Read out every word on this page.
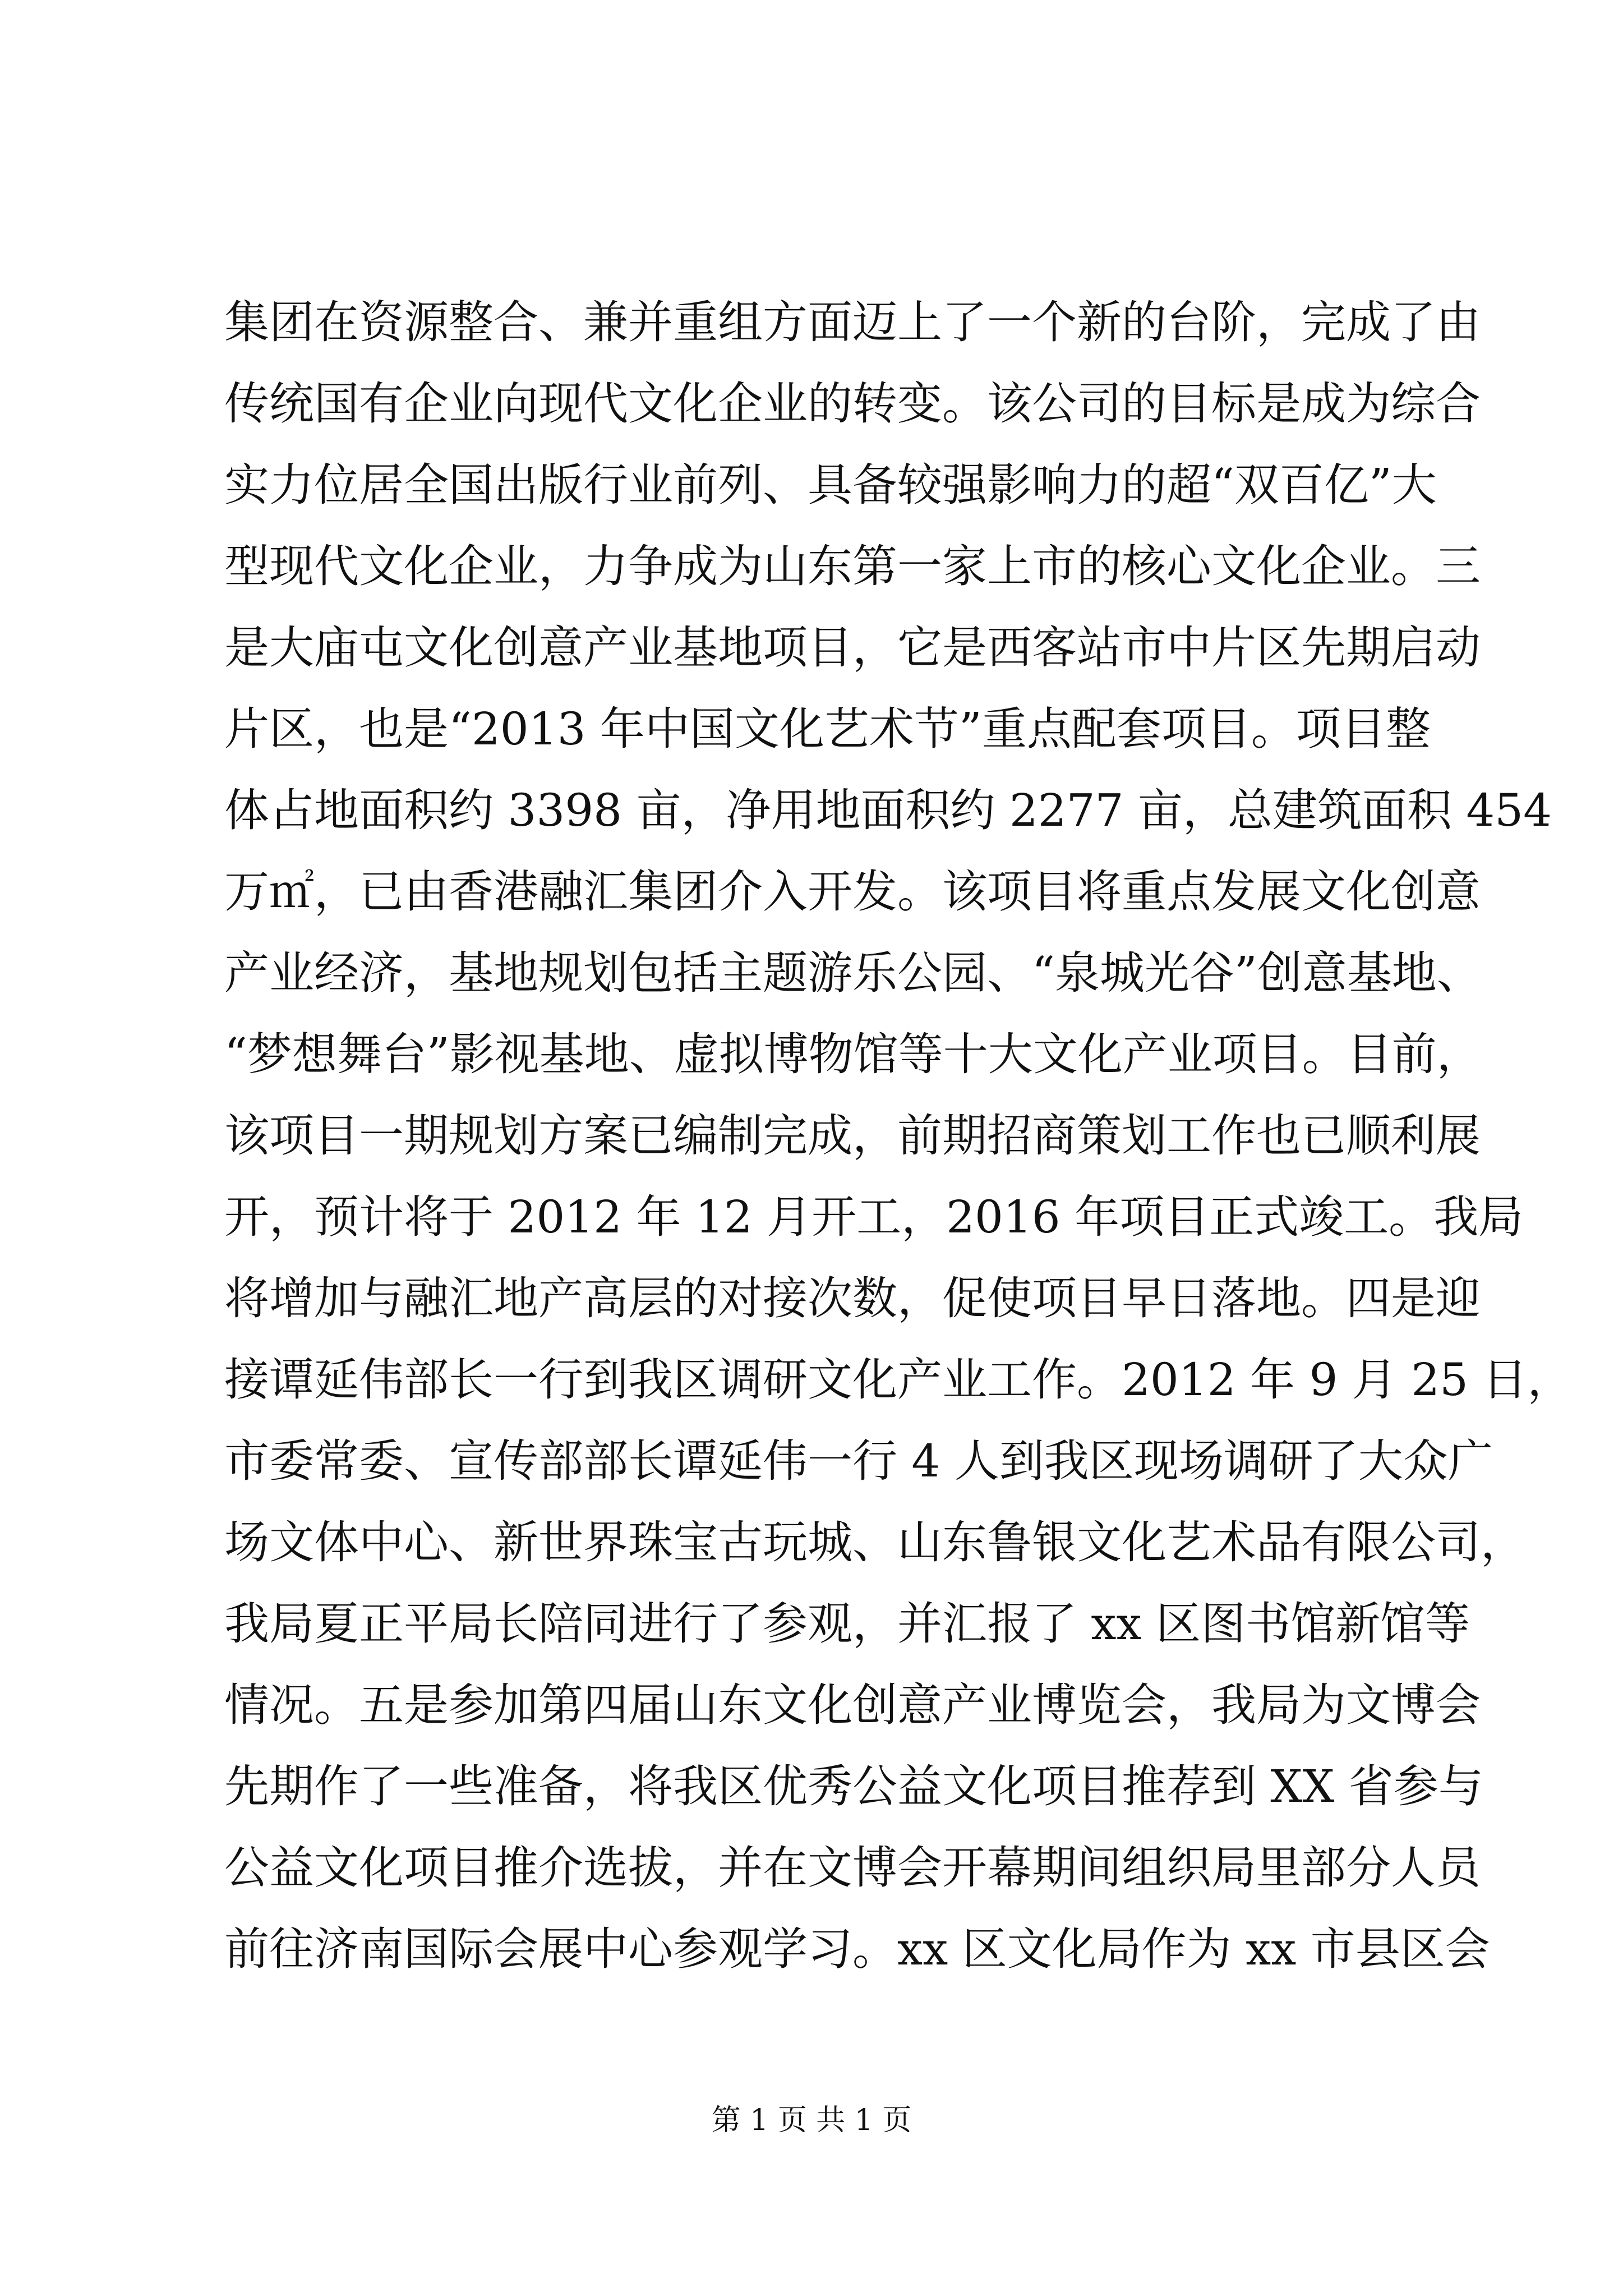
集团在资源整合、兼并重组方面迈上了一个新的台阶，完成了由
传统国有企业向现代文化企业的转变。该公司的目标是成为综合
实力位居全国出版行业前列、具备较强影响力的超“双百亿”大
型现代文化企业，力争成为山东第一家上市的核心文化企业。三
是大庙屯文化创意产业基地项目，它是西客站市中片区先期启动
片区，也是“2013 年中国文化艺术节”重点配套项目。项目整
体占地面积约 3398 亩，净用地面积约 2277 亩，总建筑面积 454
万㎡，已由香港融汇集团介入开发。该项目将重点发展文化创意
产业经济，基地规划包括主题游乐公园、“泉城光谷”创意基地、
“梦想舞台”影视基地、虚拟博物馆等十大文化产业项目。目前，
该项目一期规划方案已编制完成，前期招商策划工作也已顺利展
开，预计将于 2012 年 12 月开工，2016 年项目正式竣工。我局
将增加与融汇地产高层的对接次数，促使项目早日落地。四是迎
接谭延伟部长一行到我区调研文化产业工作。2012 年 9 月 25 日，
市委常委、宣传部部长谭延伟一行 4 人到我区现场调研了大众广
场文体中心、新世界珠宝古玩城、山东鲁银文化艺术品有限公司，
我局夏正平局长陪同进行了参观，并汇报了 xx 区图书馆新馆等
情况。五是参加第四届山东文化创意产业博览会，我局为文博会
先期作了一些准备，将我区优秀公益文化项目推荐到 XX 省参与
公益文化项目推介选拔，并在文博会开幕期间组织局里部分人员
前往济南国际会展中心参观学习。xx 区文化局作为 xx 市县区会
第 1 页 共 1 页
